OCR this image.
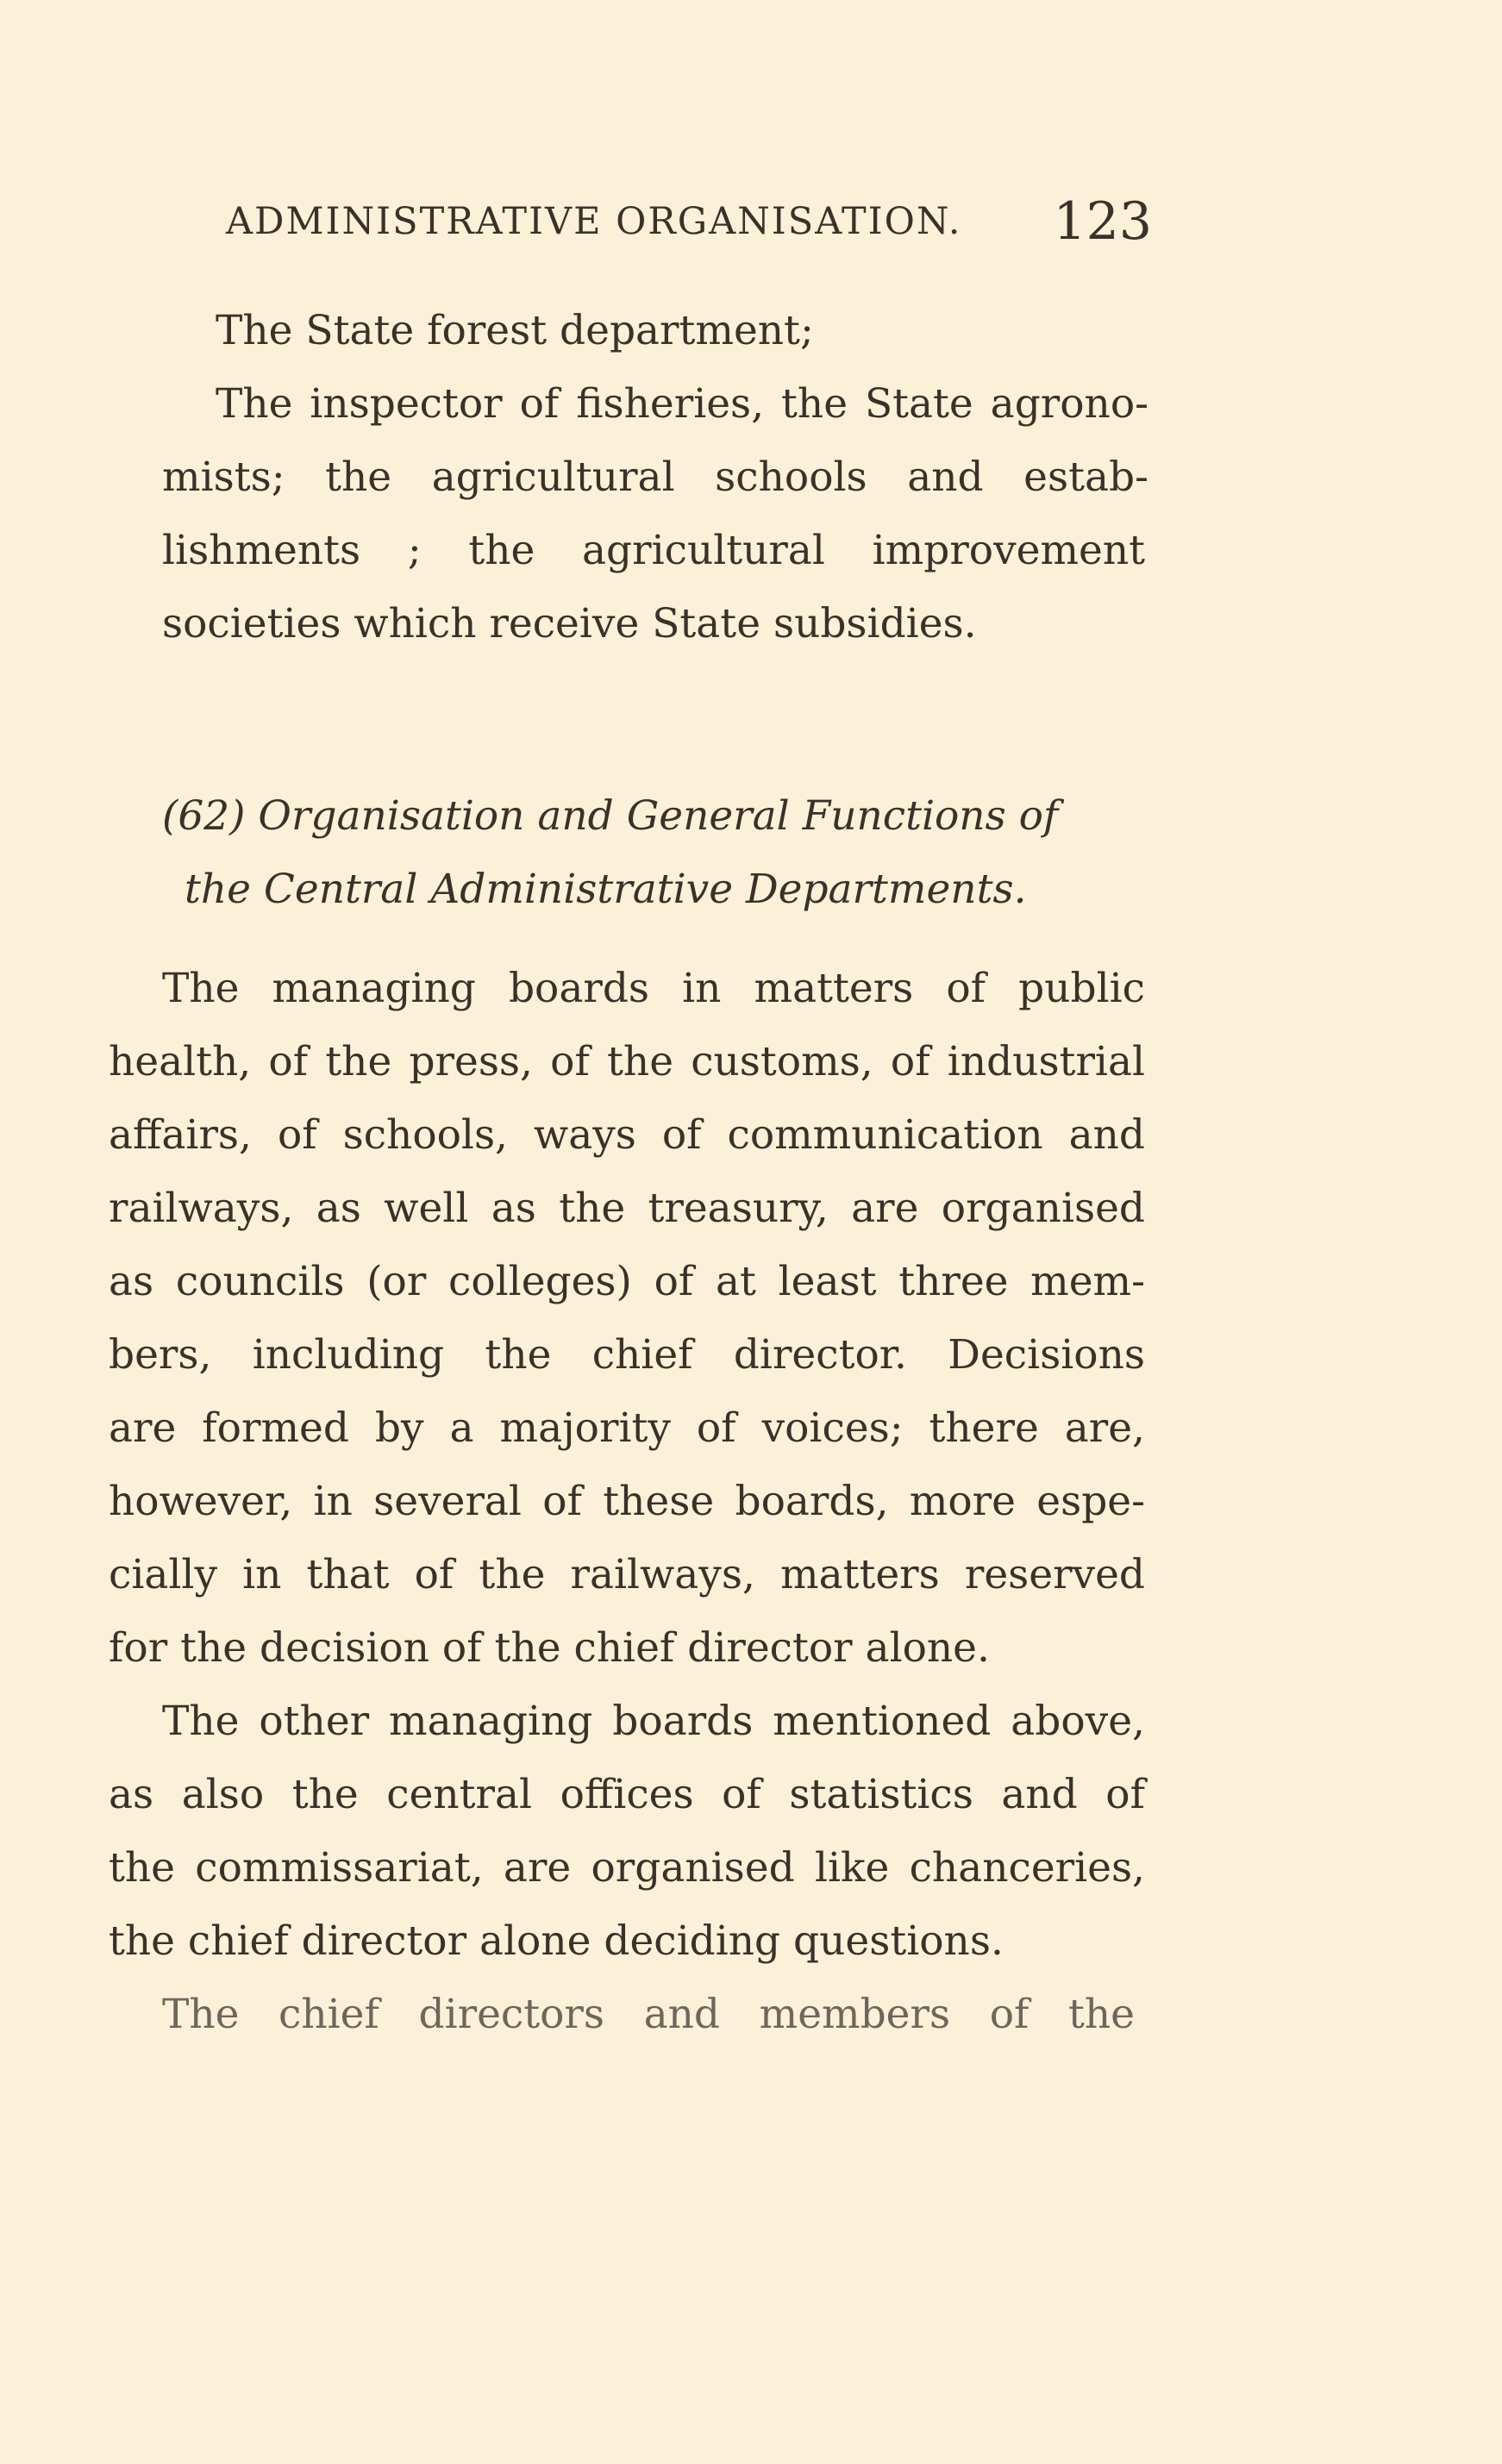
ADMINISTRATIVE ORGANISATION. 123
The State forest department;
The inspector of fisheries, the State agrono-
mists; the agricultural schools and estab-
lishments ; the agricultural improvement
societies which receive State subsidies.
(62) Organisation and General Functions of
the Central Administrative Departments.
The managing boards in matters of public
health, of the press, of the customs, of industrial
affairs, of schools, ways of communication and
railways, as well as the treasury, are organised
as councils (or colleges) of at least three mem-
bers, including the chief director. Decisions
are formed by a majority of voices; there are,
however, in several of these boards, more espe-
cially in that of the railways, matters reserved
for the decision of the chief director alone.
The other managing boards mentioned above,
as also the central offices of statistics and of
the commissariat, are organised like chanceries,
the chief director alone deciding questions.
The chief directors and members of the
